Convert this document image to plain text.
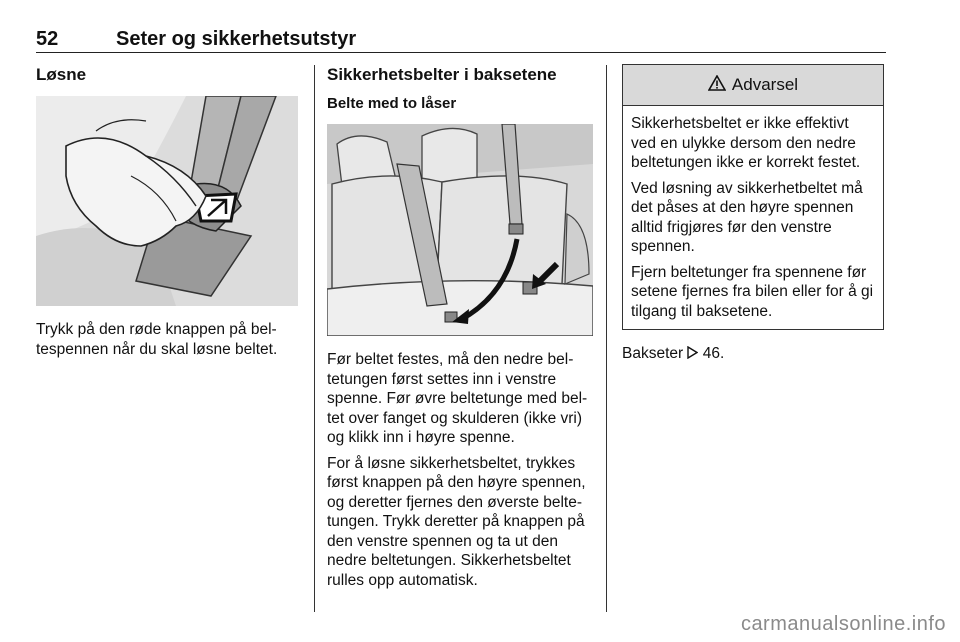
52	Seter og sikkerhetsutstyr
Løsne

Trykk på den røde knappen på bel-
tespennen når du skal løsne beltet.

Sikkerhetsbelter i baksetene
Belte med to låser

Før beltet festes, må den nedre bel-tetungen først settes inn i venstre spenne. Før øvre beltetunge med bel-tet over fanget og skulderen (ikke vri) og klikk inn i høyre spenne.

For å løsne sikkerhetsbeltet, trykkes først knappen på den høyre spennen, og deretter fjernes den øverste belte-tungen. Trykk deretter på knappen på den venstre spennen og ta ut den nedre beltetungen. Sikkerhetsbeltet rulles opp automatisk.

Advarsel

Sikkerhetsbeltet er ikke effektivt ved en ulykke dersom den nedre beltetungen ikke er korrekt festet.

Ved løsning av sikkerhetbeltet må det påses at den høyre spennen alltid frigjøres før den venstre spennen.

Fjern beltetunger fra spennene før setene fjernes fra bilen eller for å gi tilgang til baksetene.

Bakseter 46.

carmanualsonline.info
